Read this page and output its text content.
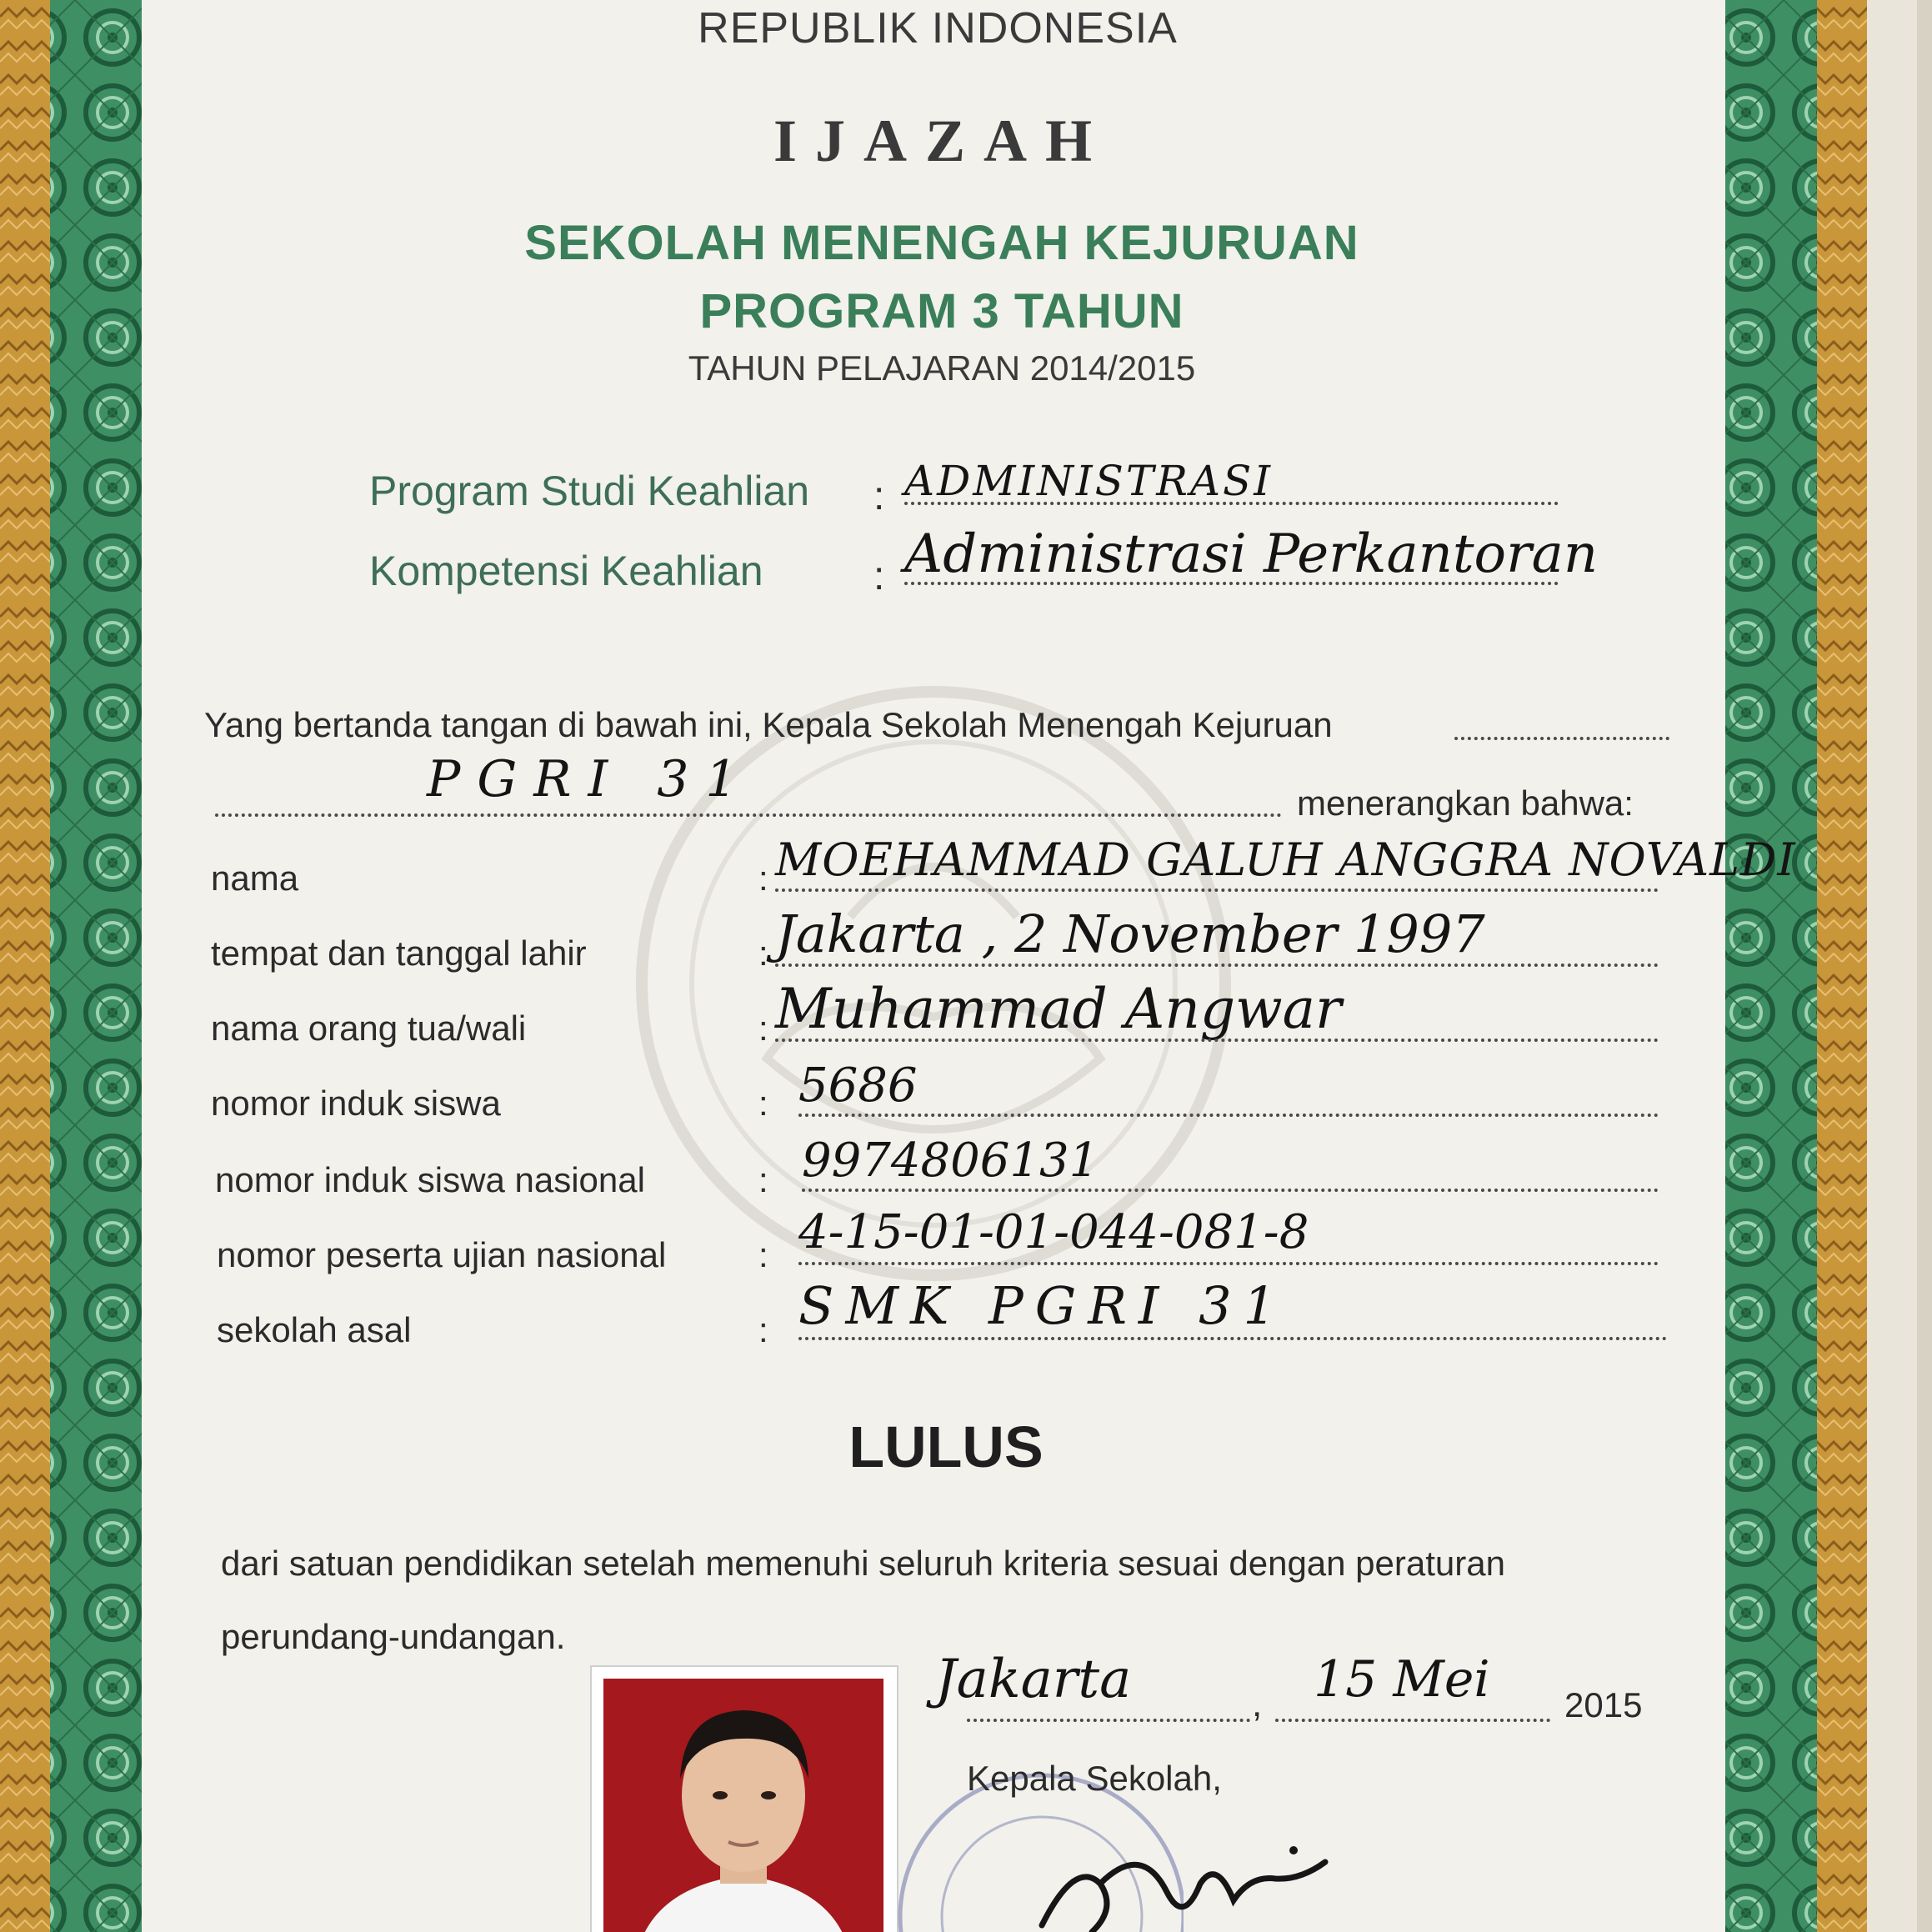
REPUBLIK INDONESIA
IJAZAH
SEKOLAH MENENGAH KEJURUAN
PROGRAM 3 TAHUN
TAHUN PELAJARAN 2014/2015
Program Studi Keahlian : ADMINISTRASI
Kompetensi Keahlian	: Administrasi Perkantoran
Yang bertanda tangan di bawah ini, Kepala Sekolah Menengah Kejuruan
PGRI 31	menerangkan bahwa:
nama	: MOEHAMMAD GALUH ANGGRA NOVALDI
tempat dan tanggal lahir	: Jakarta , 2 November 1997
nama orang tua/wali	: Muhammad Angwar
nomor induk siswa	: 5686
nomor induk siswa nasional	: 9974806131
nomor peserta ujian nasional	: 4-15-01-01-044-081-8
sekolah asal	: SMK PGRI 31
LULUS
dari satuan pendidikan setelah memenuhi seluruh kriteria sesuai dengan peraturan
perundang-undangan.
Jakarta	, 15 Mei 2015
Kepala Sekolah,
